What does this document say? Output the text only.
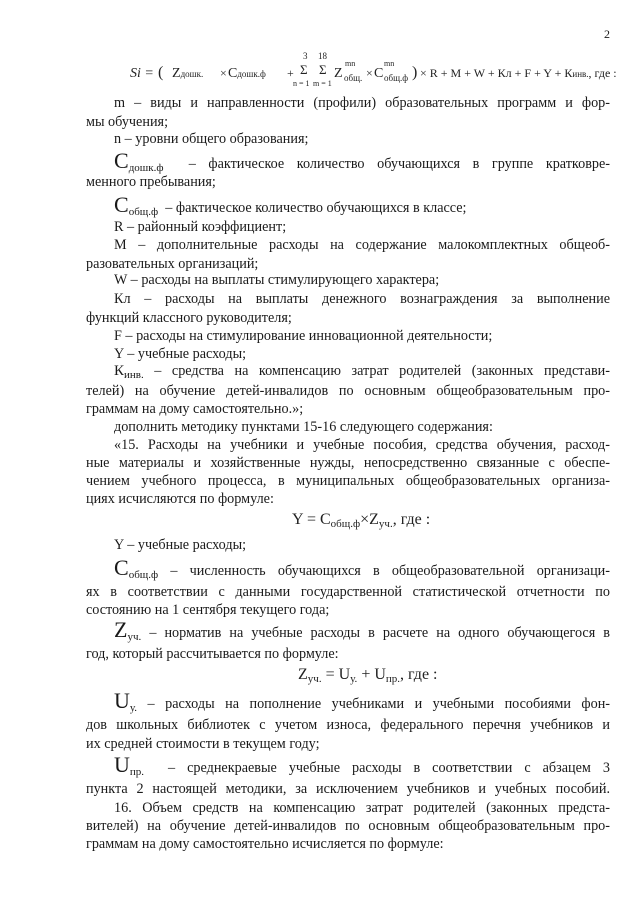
2
Si = ( Zдошк. × Cдошк.ф +
3
Σ
n = 1
18
Σ
m = 1
Z
mn
общ. × C
mn
общ.ф ) × R + M + W + Кл + F + Y + Кинв., где :
m – виды и направленности (профили) образовательных программ и фор-
мы обучения;
n – уровни общего образования;
$C_{дошк.ф}$ – фактическое количество обучающихся в группе кратковре-
менного пребывания;
$C_{общ.ф}$ – фактическое количество обучающихся в классе;
R – районный коэффициент;
M – дополнительные расходы на содержание малокомплектных общеоб-
разовательных организаций;
W – расходы на выплаты стимулирующего характера;
Кл – расходы на выплаты денежного вознаграждения за выполнение
функций классного руководителя;
F – расходы на стимулирование инновационной деятельности;
Y – учебные расходы;
$К_{инв.}$ – средства на компенсацию затрат родителей (законных представи-
телей) на обучение детей-инвалидов по основным общеобразовательным про-
граммам на дому самостоятельно.»;
дополнить методику пунктами 15-16 следующего содержания:
«15. Расходы на учебники и учебные пособия, средства обучения, расход-
ные материалы и хозяйственные нужды, непосредственно связанные с обеспе-
чением учебного процесса, в муниципальных общеобразовательных организа-
циях исчисляются по формуле:
Y = Cобщ.ф×Zуч., где :
Y – учебные расходы;
$C_{общ.ф}$ – численность обучающихся в общеобразовательной организаци-
ях в соответствии с данными государственной статистической отчетности по
состоянию на 1 сентября текущего года;
$Z_{уч.}$ – норматив на учебные расходы в расчете на одного обучающегося в
год, который рассчитывается по формуле:
Zуч. = Uу. + Uпр., где :
$U_{у.}$ – расходы на пополнение учебниками и учебными пособиями фон-
дов школьных библиотек с учетом износа, федерального перечня учебников и
их средней стоимости в текущем году;
$U_{пр.}$ – среднекраевые учебные расходы в соответствии с абзацем 3
пункта 2 настоящей методики, за исключением учебников и учебных пособий.
16. Объем средств на компенсацию затрат родителей (законных предста-
вителей) на обучение детей-инвалидов по основным общеобразовательным про-
граммам на дому самостоятельно исчисляется по формуле:
